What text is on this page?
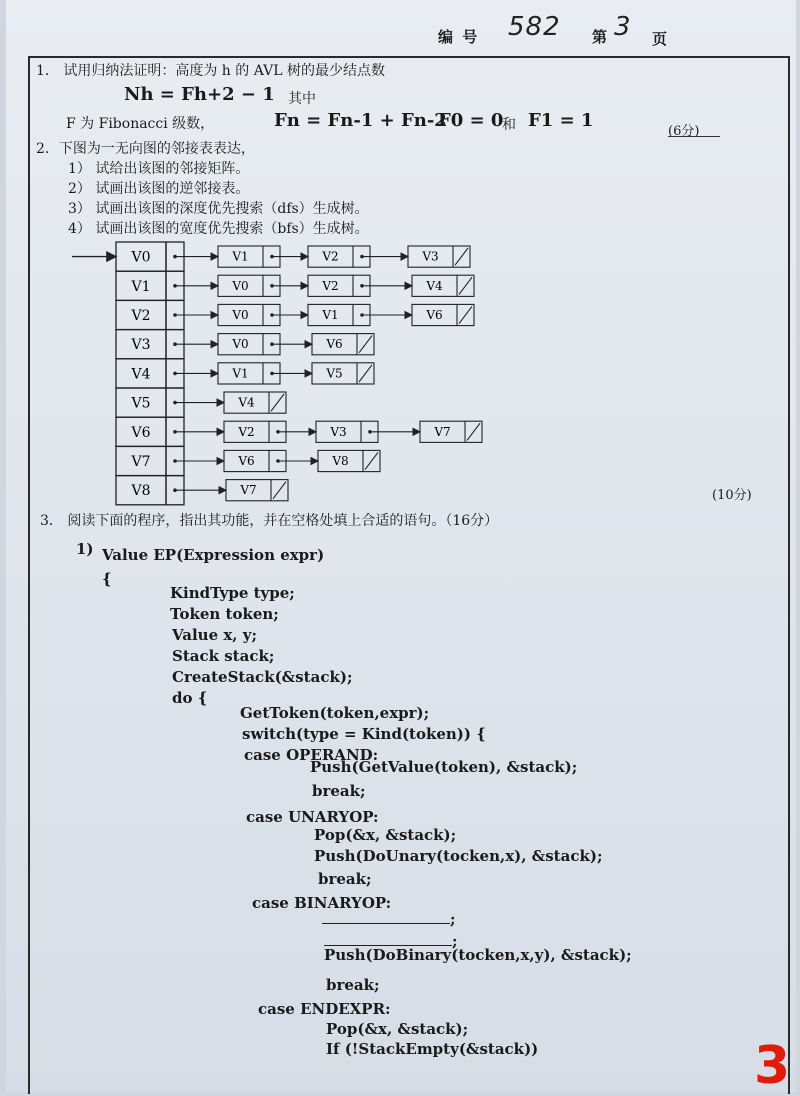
编 号 582 第 3 页
1． 试用归纳法证明：高度为 h 的 AVL 树的最少结点数
Nh = Fh+2 − 1 其中
F 为 Fibonacci 级数，	Fn = Fn-1 + Fn-2
F0 = 0
和 F1 = 1
(6分)
2．下图为一无向图的邻接表表达，
1） 试给出该图的邻接矩阵。
2） 试画出该图的逆邻接表。
3） 试画出该图的深度优先搜索（dfs）生成树。
4） 试画出该图的宽度优先搜索（bfs）生成树。
V0	V1	V2	V3
V1	V0	V2	V4
V2	V0	V1	V6
V3	V0	V6
V4	V1	V5
V5	V4
V6	V2	V3	V7
V7	V6	V8
V8	V7	(10分)
3． 阅读下面的程序，指出其功能，并在空格处填上合适的语句。（16分）
1) Value EP(Expression expr)
{
KindType type;
Token token;
Value x, y;
Stack stack;
CreateStack(&stack);
do {
GetToken(token,expr);
switch(type = Kind(token)) {
case OPERAND:
Push(GetValue(token), &stack);
break;
case UNARYOP:
Pop(&x, &stack);
Push(DoUnary(tocken,x), &stack);
break;
case BINARYOP:
;
;
Push(DoBinary(tocken,x,y), &stack);
break;
case ENDEXPR:
Pop(&x, &stack);
If (!StackEmpty(&stack))	3
